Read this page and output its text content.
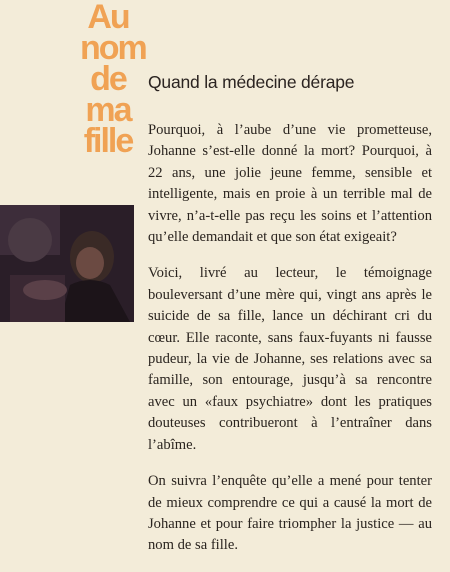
Au
nom
de
ma
fille
Quand la médecine dérape

Pourquoi, à l’aube d’une vie prometteuse, Johanne s’est-elle donné la mort? Pourquoi, à 22 ans, une jolie jeune femme, sensible et intelligente, mais en proie à un terrible mal de vivre, n’a-t-elle pas reçu les soins et l’attention qu’elle demandait et que son état exigeait?

Voici, livré au lecteur, le témoignage bouleversant d’une mère qui, vingt ans après le suicide de sa fille, lance un déchirant cri du cœur. Elle raconte, sans faux-fuyants ni fausse pudeur, la vie de Johanne, ses relations avec sa famille, son entourage, jusqu’à sa rencontre avec un «faux psychiatre» dont les pratiques douteuses contribueront à l’entraîner dans l’abîme.

On suivra l’enquête qu’elle a mené pour tenter de mieux comprendre ce qui a causé la mort de Johanne et pour faire triompher la justice — au nom de sa fille.
